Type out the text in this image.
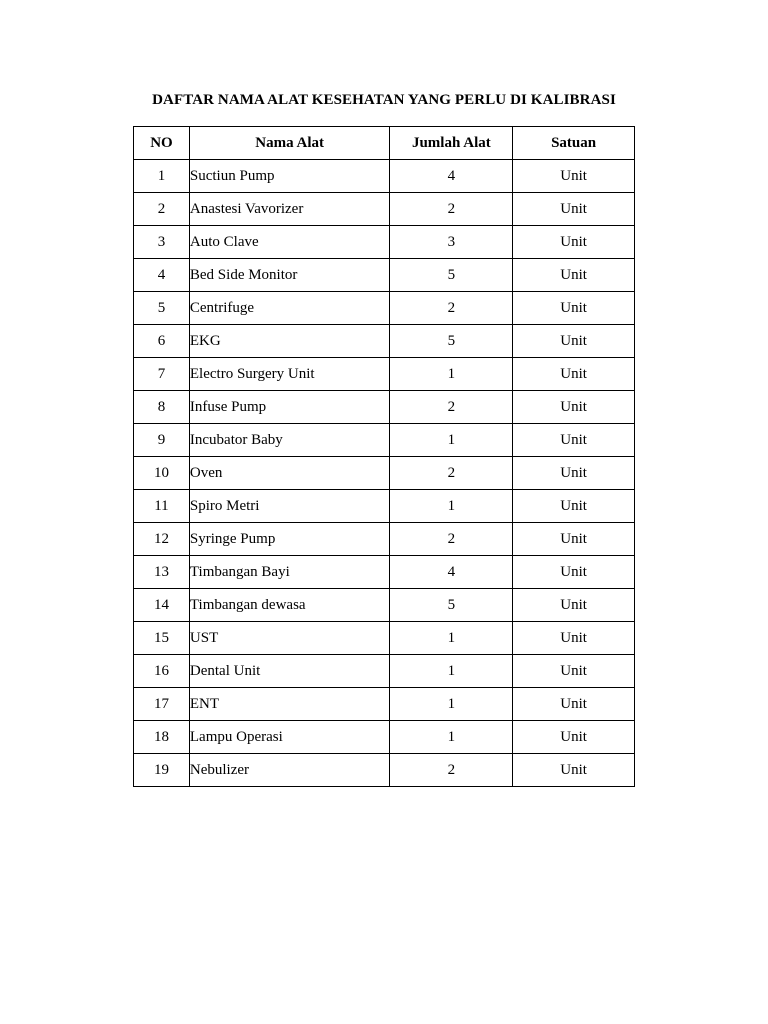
DAFTAR NAMA ALAT KESEHATAN YANG PERLU DI KALIBRASI
NO	Nama Alat	Jumlah Alat	Satuan
1	Suctiun Pump	4	Unit
2	Anastesi Vavorizer	2	Unit
3	Auto Clave	3	Unit
4	Bed Side Monitor	5	Unit
5	Centrifuge	2	Unit
6	EKG	5	Unit
7	Electro Surgery Unit	1	Unit
8	Infuse Pump	2	Unit
9	Incubator Baby	1	Unit
10	Oven	2	Unit
11	Spiro Metri	1	Unit
12	Syringe Pump	2	Unit
13	Timbangan Bayi	4	Unit
14	Timbangan dewasa	5	Unit
15	UST	1	Unit
16	Dental Unit	1	Unit
17	ENT	1	Unit
18	Lampu Operasi	1	Unit
19	Nebulizer	2	Unit
